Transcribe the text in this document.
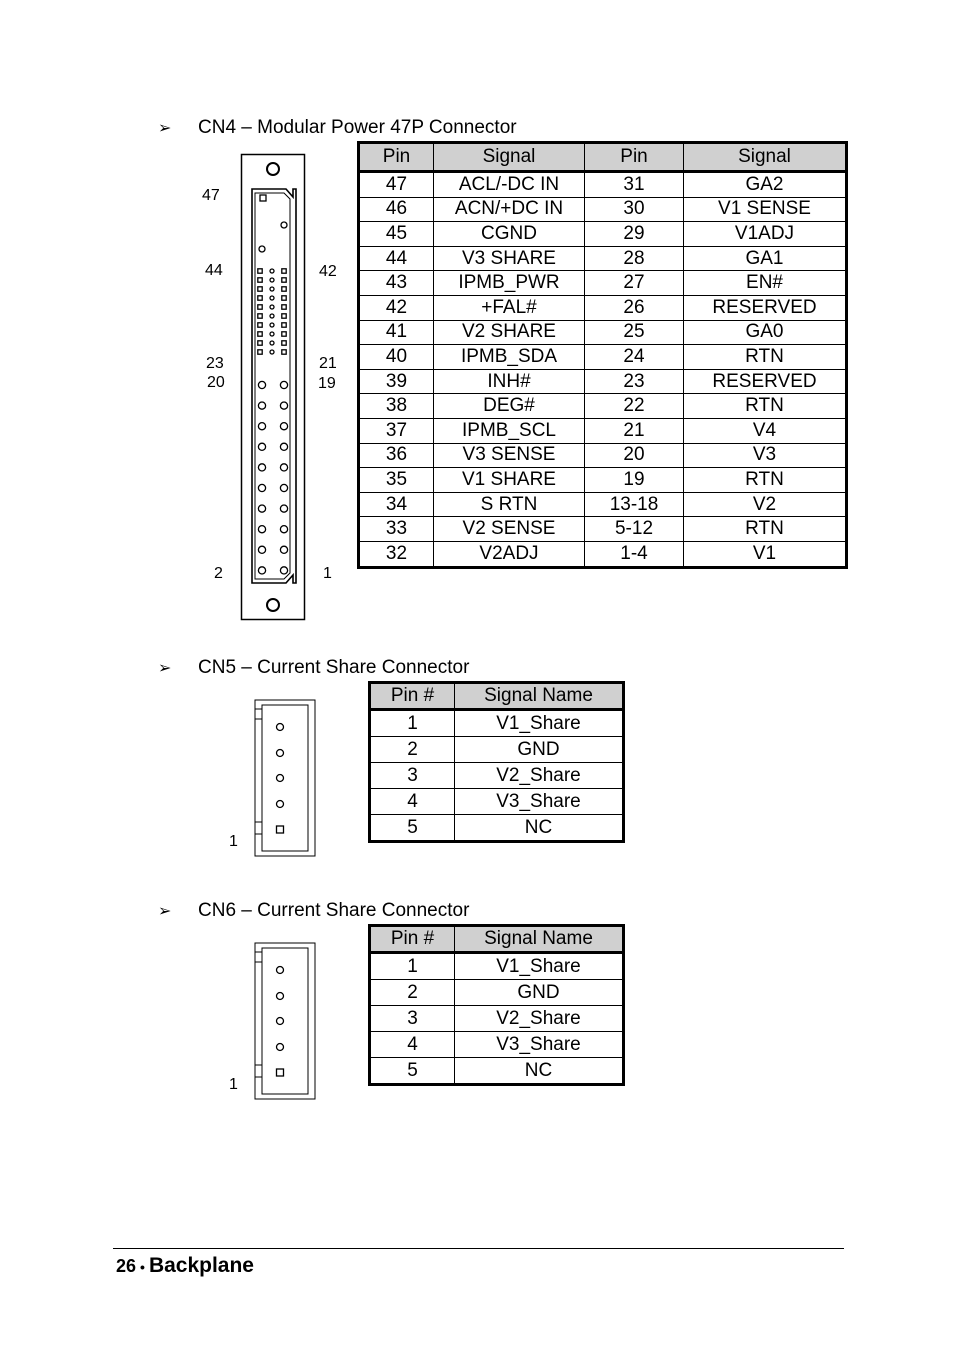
➢ CN4 – Modular Power 47P Connector
47
44	42
23
20
21
19
2	1
Pin	Signal	Pin	Signal
47	ACL/-DC IN	31	GA2
46	ACN/+DC IN	30	V1 SENSE
45	CGND	29	V1ADJ
44	V3 SHARE	28	GA1
43	IPMB_PWR	27	EN#
42	+FAL#	26	RESERVED
41	V2 SHARE	25	GA0
40	IPMB_SDA	24	RTN
39	INH#	23	RESERVED
38	DEG#	22	RTN
37	IPMB_SCL	21	V4
36	V3 SENSE	20	V3
35	V1 SHARE	19	RTN
34	S RTN	13-18	V2
33	V2 SENSE	5-12	RTN
32	V2ADJ	1-4	V1
➢ CN5 – Current Share Connector
1
Pin #	Signal Name
1	V1_Share
2	GND
3	V2_Share
4	V3_Share
5	NC
➢ CN6 – Current Share Connector
1
Pin #	Signal Name
1	V1_Share
2	GND
3	V2_Share
4	V3_Share
5	NC
26 • Backplane
